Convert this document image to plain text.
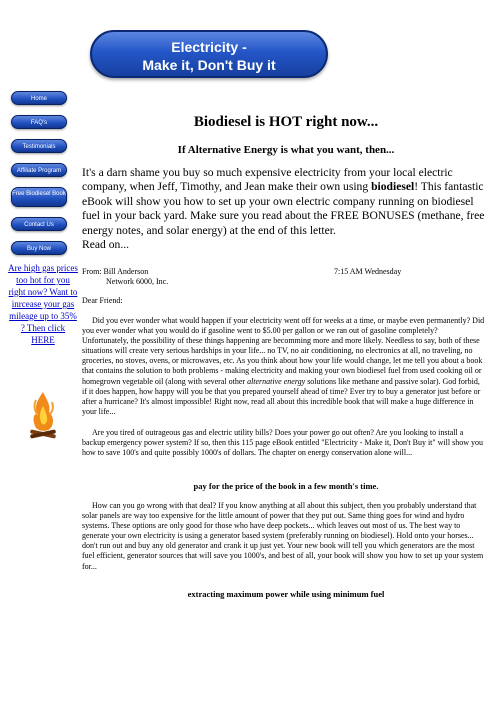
Electricity -
Make it, Don't Buy it
Home
FAQ's
Testimonials
Affiliate Program
Free Biodiesel Book
Contact Us
Buy Now
Are high gas prices too hot for you right now? Want to inrcease your gas mileage up to 35% ? Then click HERE
Biodiesel is HOT right now...
If Alternative Energy is what you want, then...
It's a darn shame you buy so much expensive electricity from your local electric company, when Jeff, Timothy, and Jean make their own using biodiesel! This fantastic eBook will show you how to set up your own electric company running on biodiesel fuel in your back yard. Make sure you read about the FREE BONUSES (methane, free energy notes, and solar energy) at the end of this letter.
Read on...
From: Bill Anderson
Network 6000, Inc.
7:15 AM Wednesday
Dear Friend:

Did you ever wonder what would happen if your electricity went off for weeks at a time, or maybe even permanently? Did you ever wonder what you would do if gasoline went to $5.00 per gallon or we ran out of gasoline completely? Unfortunately, the possibility of these things happening are becomming more and more likely. Needless to say, both of these situations will create very serious hardships in your life... no TV, no air conditioning, no electronics at all, no traveling, no groceries, no stoves, ovens, or microwaves, etc. As you think about how your life would change, let me tell you about a book that contains the solution to both problems - making electricity and making your own biodiesel fuel from used cooking oil or homegrown vegetable oil (along with several other alternative energy solutions like methane and passive solar). God forbid, if it does happen, how happy will you be that you prepared yourself ahead of time? Ever try to buy a generator just before or after a hurricane? It's almost impossible! Right now, read all about this incredible book that will make a huge difference in your life...

Are you tired of outrageous gas and electric utility bills? Does your power go out often? Are you looking to install a backup emergency power system? If so, then this 115 page eBook entitled "Electricity - Make it, Don't Buy it" will show you how to save 100's and quite possibly 1000's of dollars. The chapter on energy conservation alone will...

pay for the price of the book in a few month's time.

How can you go wrong with that deal? If you know anything at all about this subject, then you probably understand that solar panels are way too expensive for the little amount of power that they put out. Same thing goes for wind and hydro systems. These options are only good for those who have deep pockets... which leaves out most of us. The best way to generate your own electricity is using a generator based system (preferably running on biodiesel). Hold onto your horses... don't run out and buy any old generator and crank it up just yet. Your new book will tell you which generators are the most fuel efficient, generator sources that will save you 1000's, and best of all, your book will show you how to set up your system for...

extracting maximum power while using minimum fuel
